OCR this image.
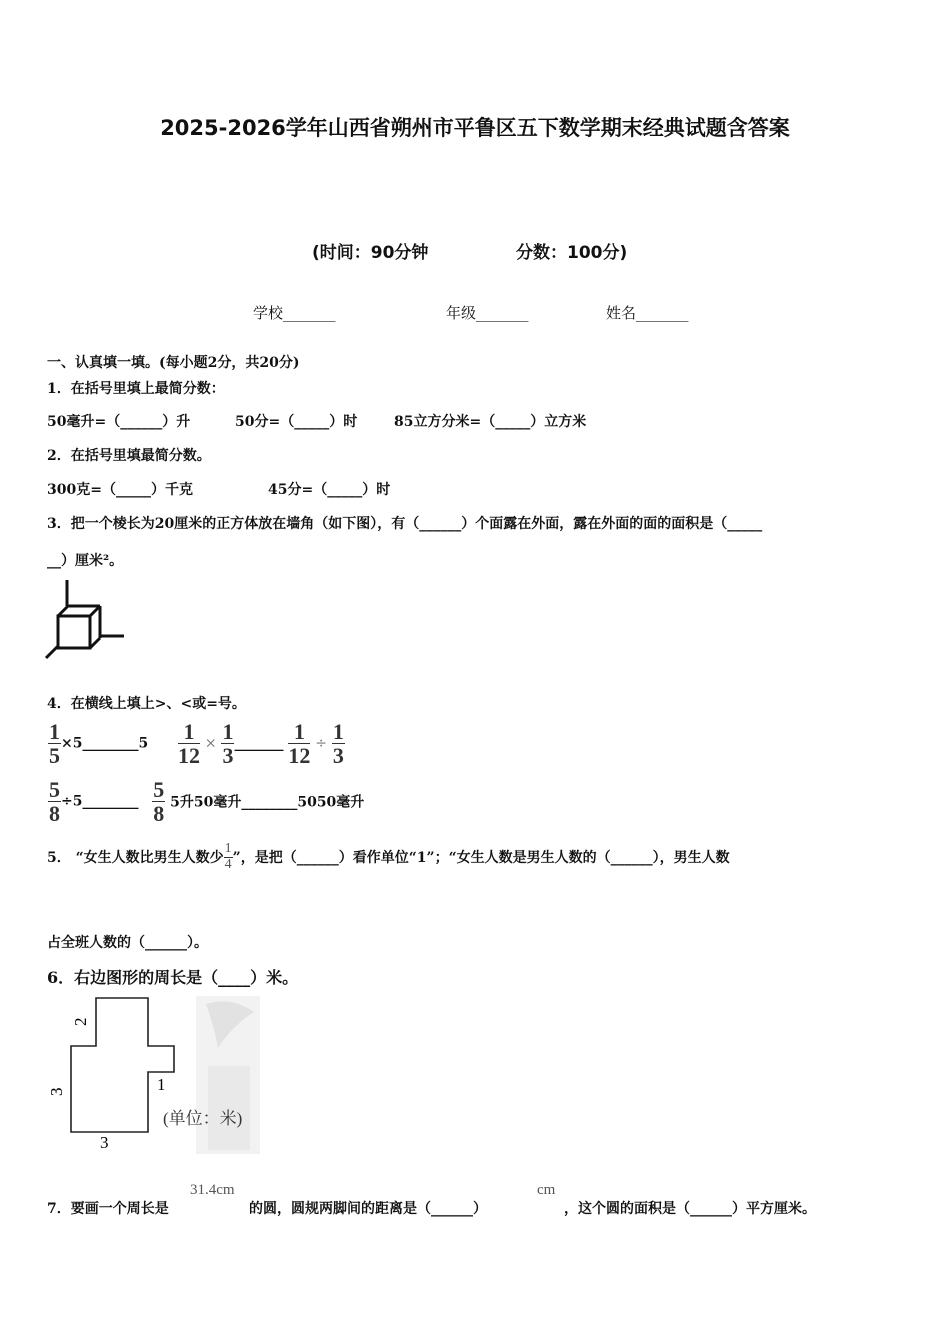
2025-2026学年山西省朔州市平鲁区五下数学期末经典试题含答案
(时间：90分钟	分数：100分)
学校_______	年级_______	姓名_______
一、认真填一填。(每小题2分，共20分)
1．在括号里填上最简分数：
50毫升=（______）升	50分=（_____）时	85立方分米=（_____）立方米
2．在括号里填最简分数。
300克=（_____）千克	45分=（_____）时
3．把一个棱长为20厘米的正方体放在墙角（如下图），有（______）个面露在外面，露在外面的面的面积是（_____
__）厘米²。
4．在横线上填上>、<或=号。
$\frac{1}{5}$ ×5________5 $\frac{1}{12} \times \frac{1}{3}$ _______ $\frac{1}{12} \div \frac{1}{3}$
$\frac{5}{8}$ ÷5________ $\frac{5}{8} 5$升50毫升________5050毫升
5． “女生人数比男生人数少 $\frac{1}{4}$ ”，是把（______）看作单位“1”；“女生人数是男生人数的（______），男生人数
占全班人数的（______）。
6．右边图形的周长是（____）米。
2
3	1
3
(单位：米)
7．要画一个周长是
31.4cm
的圆，圆规两脚间的距离是（______）
cm
，这个圆的面积是（______）平方厘米。
